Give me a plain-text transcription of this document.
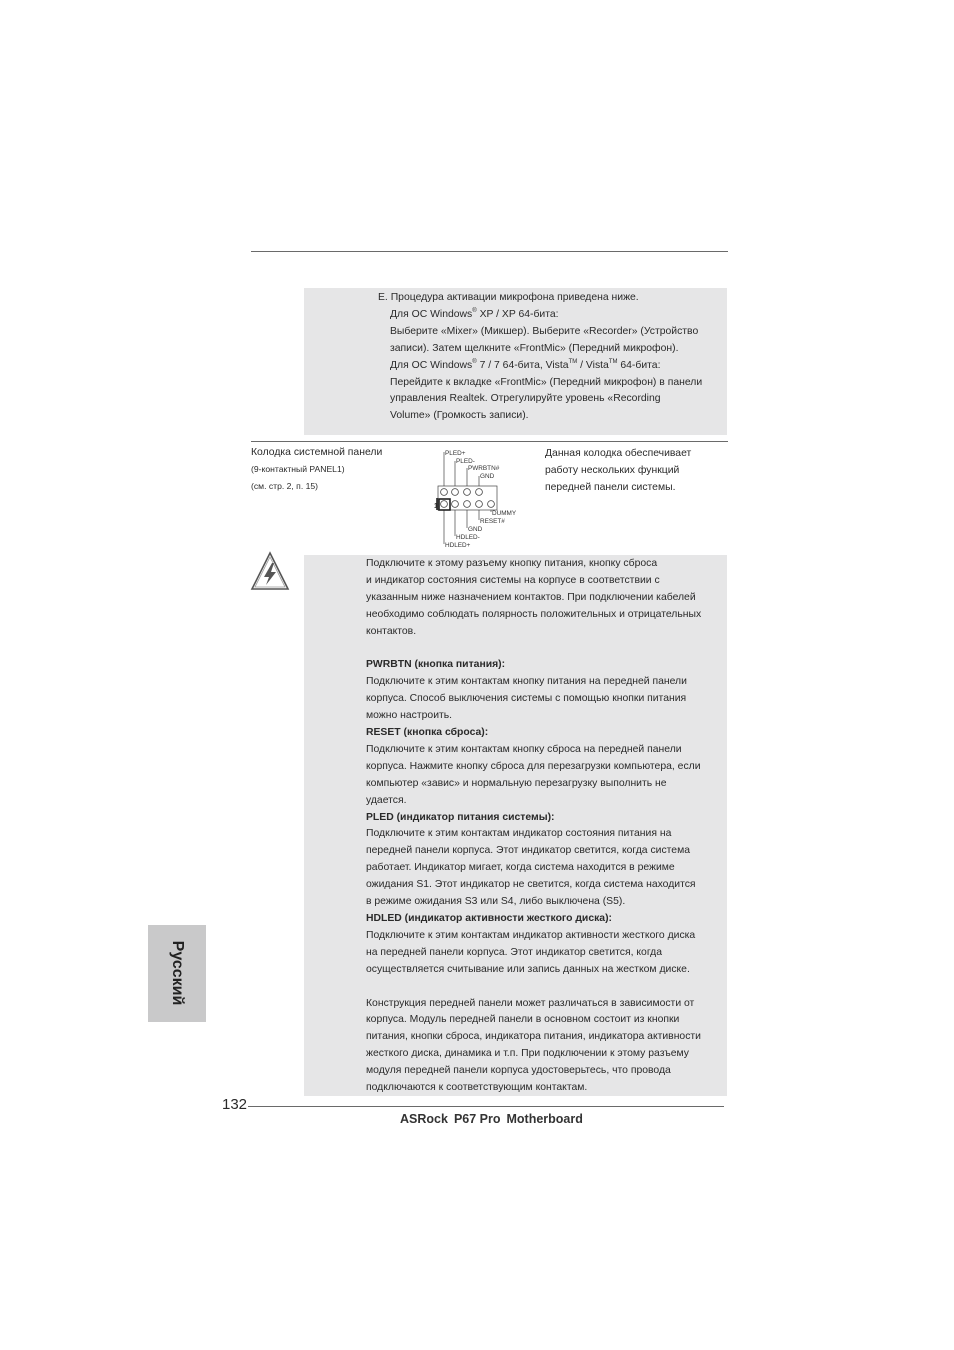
E. Процедура активации микрофона приведена ниже.
Для ОС Windows® XP / XP 64-бита:
Выберите «Mixer» (Микшер). Выберите «Recorder» (Устройство
записи). Затем щелкните «FrontMic» (Передний микрофон).
Для ОС Windows® 7 / 7 64-бита, Vista™ / Vista™ 64-бита:
Перейдите к вкладке «FrontMic» (Передний микрофон) в панели
управления Realtek. Отрегулируйте уровень «Recording
Volume» (Громкость записи).
Колодка системной панели
(9-контактный PANEL1)
(см. стр. 2, п. 15)
Данная колодка обеспечивает
работу нескольких функций
передней панели системы.
PLED+
PLED-
PWRBTN#
GND
DUMMY
RESET#
GND
HDLED-
HDLED+
1
Подключите к этому разъему кнопку питания, кнопку сброса
и индикатор состояния системы на корпусе в соответствии с
указанным ниже назначением контактов. При подключении кабелей
необходимо соблюдать полярность положительных и отрицательных
контактов.
PWRBTN (кнопка питания):
Подключите к этим контактам кнопку питания на передней панели
корпуса. Способ выключения системы с помощью кнопки питания
можно настроить.
RESET (кнопка сброса):
Подключите к этим контактам кнопку сброса на передней панели
корпуса. Нажмите кнопку сброса для перезагрузки компьютера, если
компьютер «завис» и нормальную перезагрузку выполнить не
удается.
PLED (индикатор питания системы):
Подключите к этим контактам индикатор состояния питания на
передней панели корпуса. Этот индикатор светится, когда система
работает. Индикатор мигает, когда система находится в режиме
ожидания S1. Этот индикатор не светится, когда система находится
в режиме ожидания S3 или S4, либо выключена (S5).
HDLED (индикатор активности жесткого диска):
Подключите к этим контактам индикатор активности жесткого диска
на передней панели корпуса. Этот индикатор светится, когда
осуществляется считывание или запись данных на жестком диске.
Конструкция передней панели может различаться в зависимости от
корпуса. Модуль передней панели в основном состоит из кнопки
питания, кнопки сброса, индикатора питания, индикатора активности
жесткого диска, динамика и т.п. При подключении к этому разъему
модуля передней панели корпуса удостоверьтесь, что провода
подключаются к соответствующим контактам.
Русский
132
ASRock P67 Pro Motherboard
